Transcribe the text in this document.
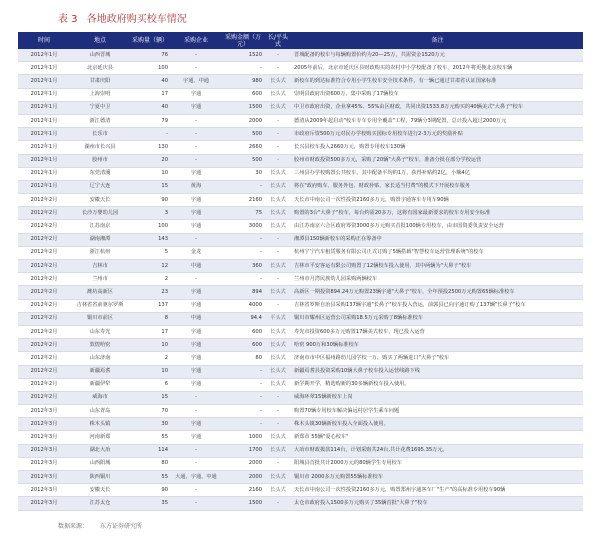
表 3 各地政府购买校车情况
时间	地点	采购量（辆）	采购企业	采购金额（万元）	长/平头式	备注
2012年1月	山西晋城	76	-	1520	-	晋城配备的校车与每辆购置价约为20—25万，共需资金1520万元
2012年1月	北京延庆县	100	-	-	-	2005年前后，北京市延庆区县财政购买的农村中小学校配备了校车，2012年将更换北京校车辆
2012年1月	甘肃庆阳	40	宇通、中通	980	长头式	新校车的到达标准符合专用小学生校车安全技术条件，有一辆已通过甘肃省认证国家标准
2012年1月	上海崇明	17	宇通	600	长头式	崇明县政府出资600万，集中采购了17辆校车
2012年1月	宁夏中卫	40	宇通	1500	长头式	中卫市政府出资，企业拿45%、55%由区财政，共同出资1533.8万元购买的40辆美式"大鼻子"校车
2012年1月	浙江德清	79	-	2000	-	德清从2009年起启动"校车专车专用全覆盖"工程，79辆分3期配置，总计投入超过2000万元
2012年1月	长乐市	-	-	500	-	市政府斥资500万元对民办学校购买国标专用校车进行2-3万元的奖励补贴
2012年1月	湖州市长兴县	130	-	2660	-	长兴县校车投入2660万元，购置专用校车130辆
2012年1月	胶州市	20	-	500	-	胶州市财政投资500多万元，采购了20辆"大鼻子"校车，准备分批在部分学校运营
2012年1月	东莞清溪	10	宇通	30	长头式	三州县办学校购置公共校车，其中配备平均约1万，获得补贴约2亿，小额4亿
2012年1月	辽宁大连	15	黄海	-	长头式	将在"政府购车、服务外包、财政补贴、家长适当付费"的模式下开展校车服务
2012年2月	安徽天长	90	宇通	2160	长头式	天长市中南公司一次性投资2160多万元，购置宇通客车专用车90辆
2012年2月	长沙万婴幼儿园	3	宇通	75	长头式	购置的3台"大鼻子"校车，每台约需20多万，这将有国家最新要求的校车专用安全标准
2012年2月	江苏南京	100	宇通	3000	长头式	由江苏南京六合区政府筹资3000多万元购买首批100辆专用校车，由市国资委负责安全运营
2012年2月	湖南湘潭	143	-	-	-	湘潭县150辆新校车的采购正在筹备中
2012年2月	浙江杭州	5	金龙	-	-	杭州宁宁汽车租赁服务有限公司正式订购了5辆搭载"智慧校车运营管理系统"的校车
2012年2月	吉林市	12	中通	360	长头式	吉林市平安客运有限公司购置了12辆校车投入使用，其中两辆为"大鼻子"校车
2012年2月	兰州市	2	-	-	-	兰州市月湾民族幼儿园采购两辆校车
2012年2月	潍坊高新区	23	宇通	894	长头式	高新区一期投资894.24万元购置23辆宇通"大鼻子"校车，全年预投2500万元购置65辆标准校车
2012年2月	吉林省省前驱尔罗斯	137	宇通	4000	-	吉林省罗斯自治县采购137辆宇通"长鼻子"校车投入营运，前郭县已向宇通订购了137辆"长鼻子"校车
2012年2月	铜川市前区	8	中通	94.4	平头式	铜川市耀州区运营公司采购18.5万元采购了8辆标准校车
2012年2月	山东寿光	17	宇通	600	长头式	寿光市投资600多万元购置17辆美式校车，现已投入运营
2012年2月	敦煌哈密	10	宇通	600	长头式	哈密 900万和30辆标准校车
2012年2月	山东济南	2	宇通	80	长头式	济南市市中区福州路幼儿园学校一万，购买了两辆进口"大鼻子"校车
2012年2月	新疆焉耆	10	宇通	-	长头式	新疆焉耆县投资采购10辆大鼻子校车投入运营线路下线
2012年2月	新疆伊犁	6	宇通	-	长头式	新学期开学，精选购新的30多辆新校车投入使用。
2012年2月	威海市	15	-	-	-	威海环翠15辆新校车上岗
2012年3月	山东青岛	70	-	-	-	购置70辆专用校车解决偏远村居学生乘车问题
2012年3月	株木头镇	30	宇通	-	-	株木头镇30辆新校车投入全面投入使用。
2012年3月	河南新郑	55	宇通	1000	长头式	新郑市 55辆"爱心校车"
2012年3月	湖北大冶	114	-	1700	长头式	大冶市财政拨款114台，计划采购共24台,共计花费1695.35万元。
2012年3月	山西阳城	80	-	2000	-	阳城县首批共计2000万元的80辆学生专用校车
2012年3月	陕西铜川	55	大通、宇通、中通	2000	长头式	铜川市 2000多万元购置55辆标准校车
2012年3月	安徽天长	90	-	2160	长头式	天长市中南公司一次性投资2160多万元，购置郑州宇通客车厂"生产"的高标准专用校车90辆
2012年3月	江苏太仓	35	-	1500	-	太仓市政府投入1500多万元购买了35辆首批"大鼻子"校车
数据来源： 东方证券研究所
